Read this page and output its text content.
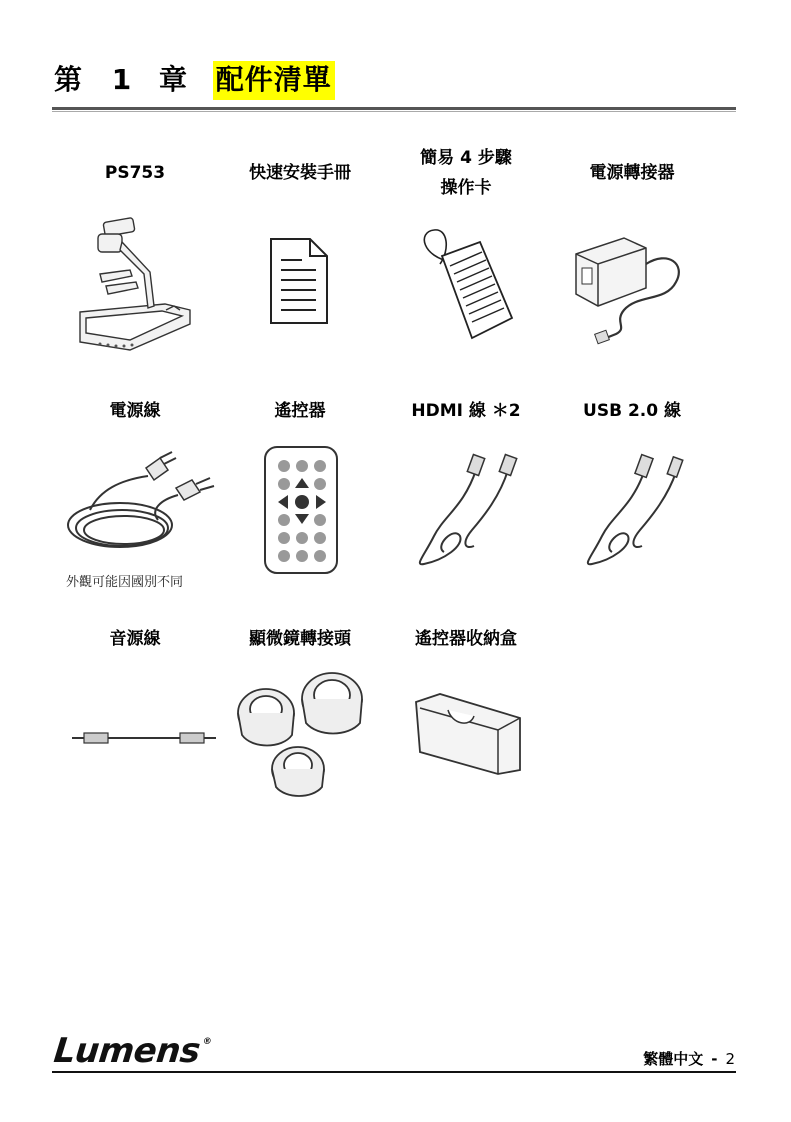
第 1 章 配件清單
PS753	快速安裝手冊
簡易 4 步驟
操作卡
電源轉接器
電源線	遙控器	HDMI 線 ＊2	USB 2.0 線
外觀可能因國別不同
音源線	顯微鏡轉接頭	遙控器收納盒
Lumens®
繁體中文 - 2
